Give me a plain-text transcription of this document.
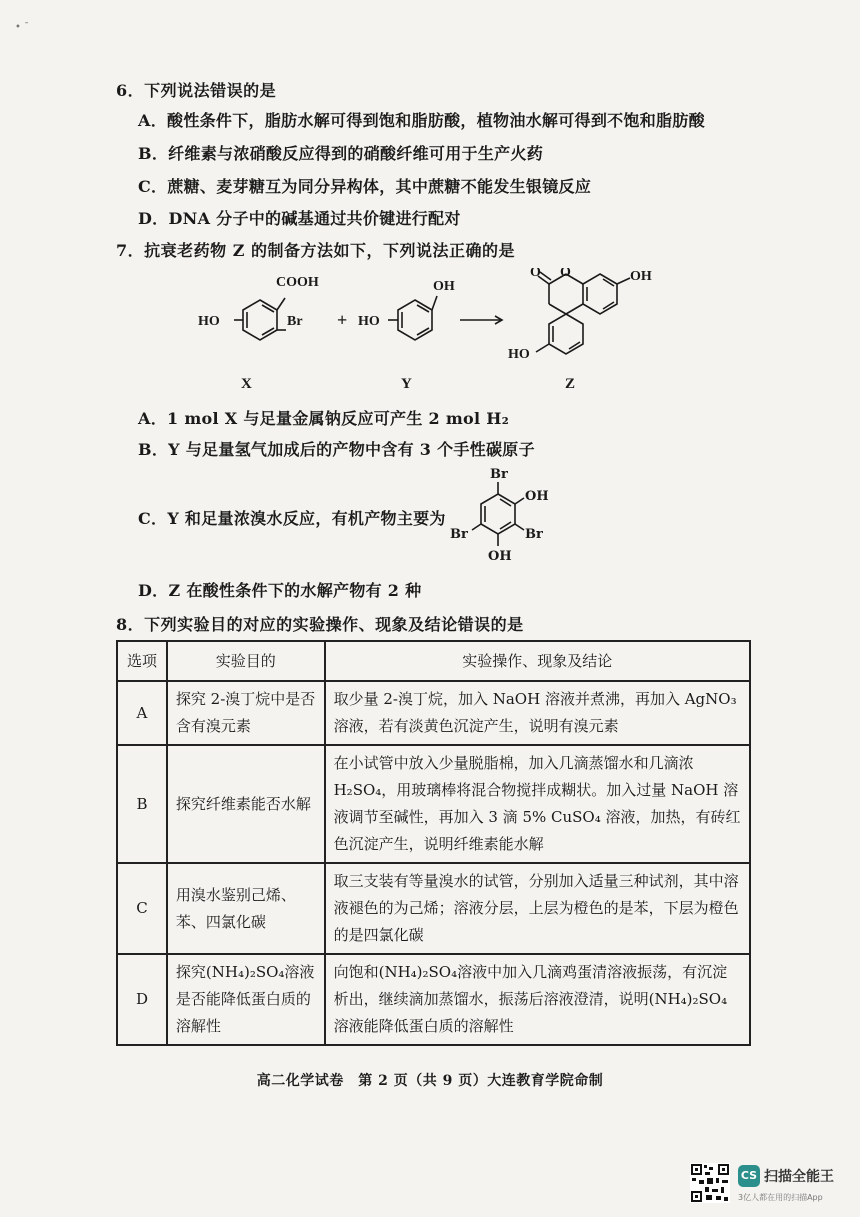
• ˉ
6．下列说法错误的是
A．酸性条件下，脂肪水解可得到饱和脂肪酸，植物油水解可得到不饱和脂肪酸
B．纤维素与浓硝酸反应得到的硝酸纤维可用于生产火药
C．蔗糖、麦芽糖互为同分异构体，其中蔗糖不能发生银镜反应
D．DNA 分子中的碱基通过共价键进行配对
7．抗衰老药物 Z 的制备方法如下，下列说法正确的是
COOH
Br
HO	+
OH
HO
O O	OH
HO
X	Y	Z
A．1 mol X 与足量金属钠反应可产生 2 mol H₂
B．Y 与足量氢气加成后的产物中含有 3 个手性碳原子
C．Y 和足量浓溴水反应，有机产物主要为
Br
OH
Br	Br
OH
D．Z 在酸性条件下的水解产物有 2 种
8．下列实验目的对应的实验操作、现象及结论错误的是
选项	实验目的	实验操作、现象及结论
A	探究 2-溴丁烷中是否含有溴元素	取少量 2-溴丁烷，加入 NaOH 溶液并煮沸，再加入 AgNO₃ 溶液，若有淡黄色沉淀产生，说明有溴元素
B	探究纤维素能否水解	在小试管中放入少量脱脂棉，加入几滴蒸馏水和几滴浓 H₂SO₄，用玻璃棒将混合物搅拌成糊状。加入过量 NaOH 溶液调节至碱性，再加入 3 滴 5% CuSO₄ 溶液，加热，有砖红色沉淀产生，说明纤维素能水解
C	用溴水鉴别己烯、苯、四氯化碳	取三支装有等量溴水的试管，分别加入适量三种试剂，其中溶液褪色的为己烯；溶液分层，上层为橙色的是苯，下层为橙色的是四氯化碳
D	探究(NH₄)₂SO₄溶液是否能降低蛋白质的溶解性	向饱和(NH₄)₂SO₄溶液中加入几滴鸡蛋清溶液振荡，有沉淀析出，继续滴加蒸馏水，振荡后溶液澄清，说明(NH₄)₂SO₄溶液能降低蛋白质的溶解性
高二化学试卷　第 2 页（共 9 页）大连教育学院命制
CS 扫描全能王
3亿人都在用的扫描App
